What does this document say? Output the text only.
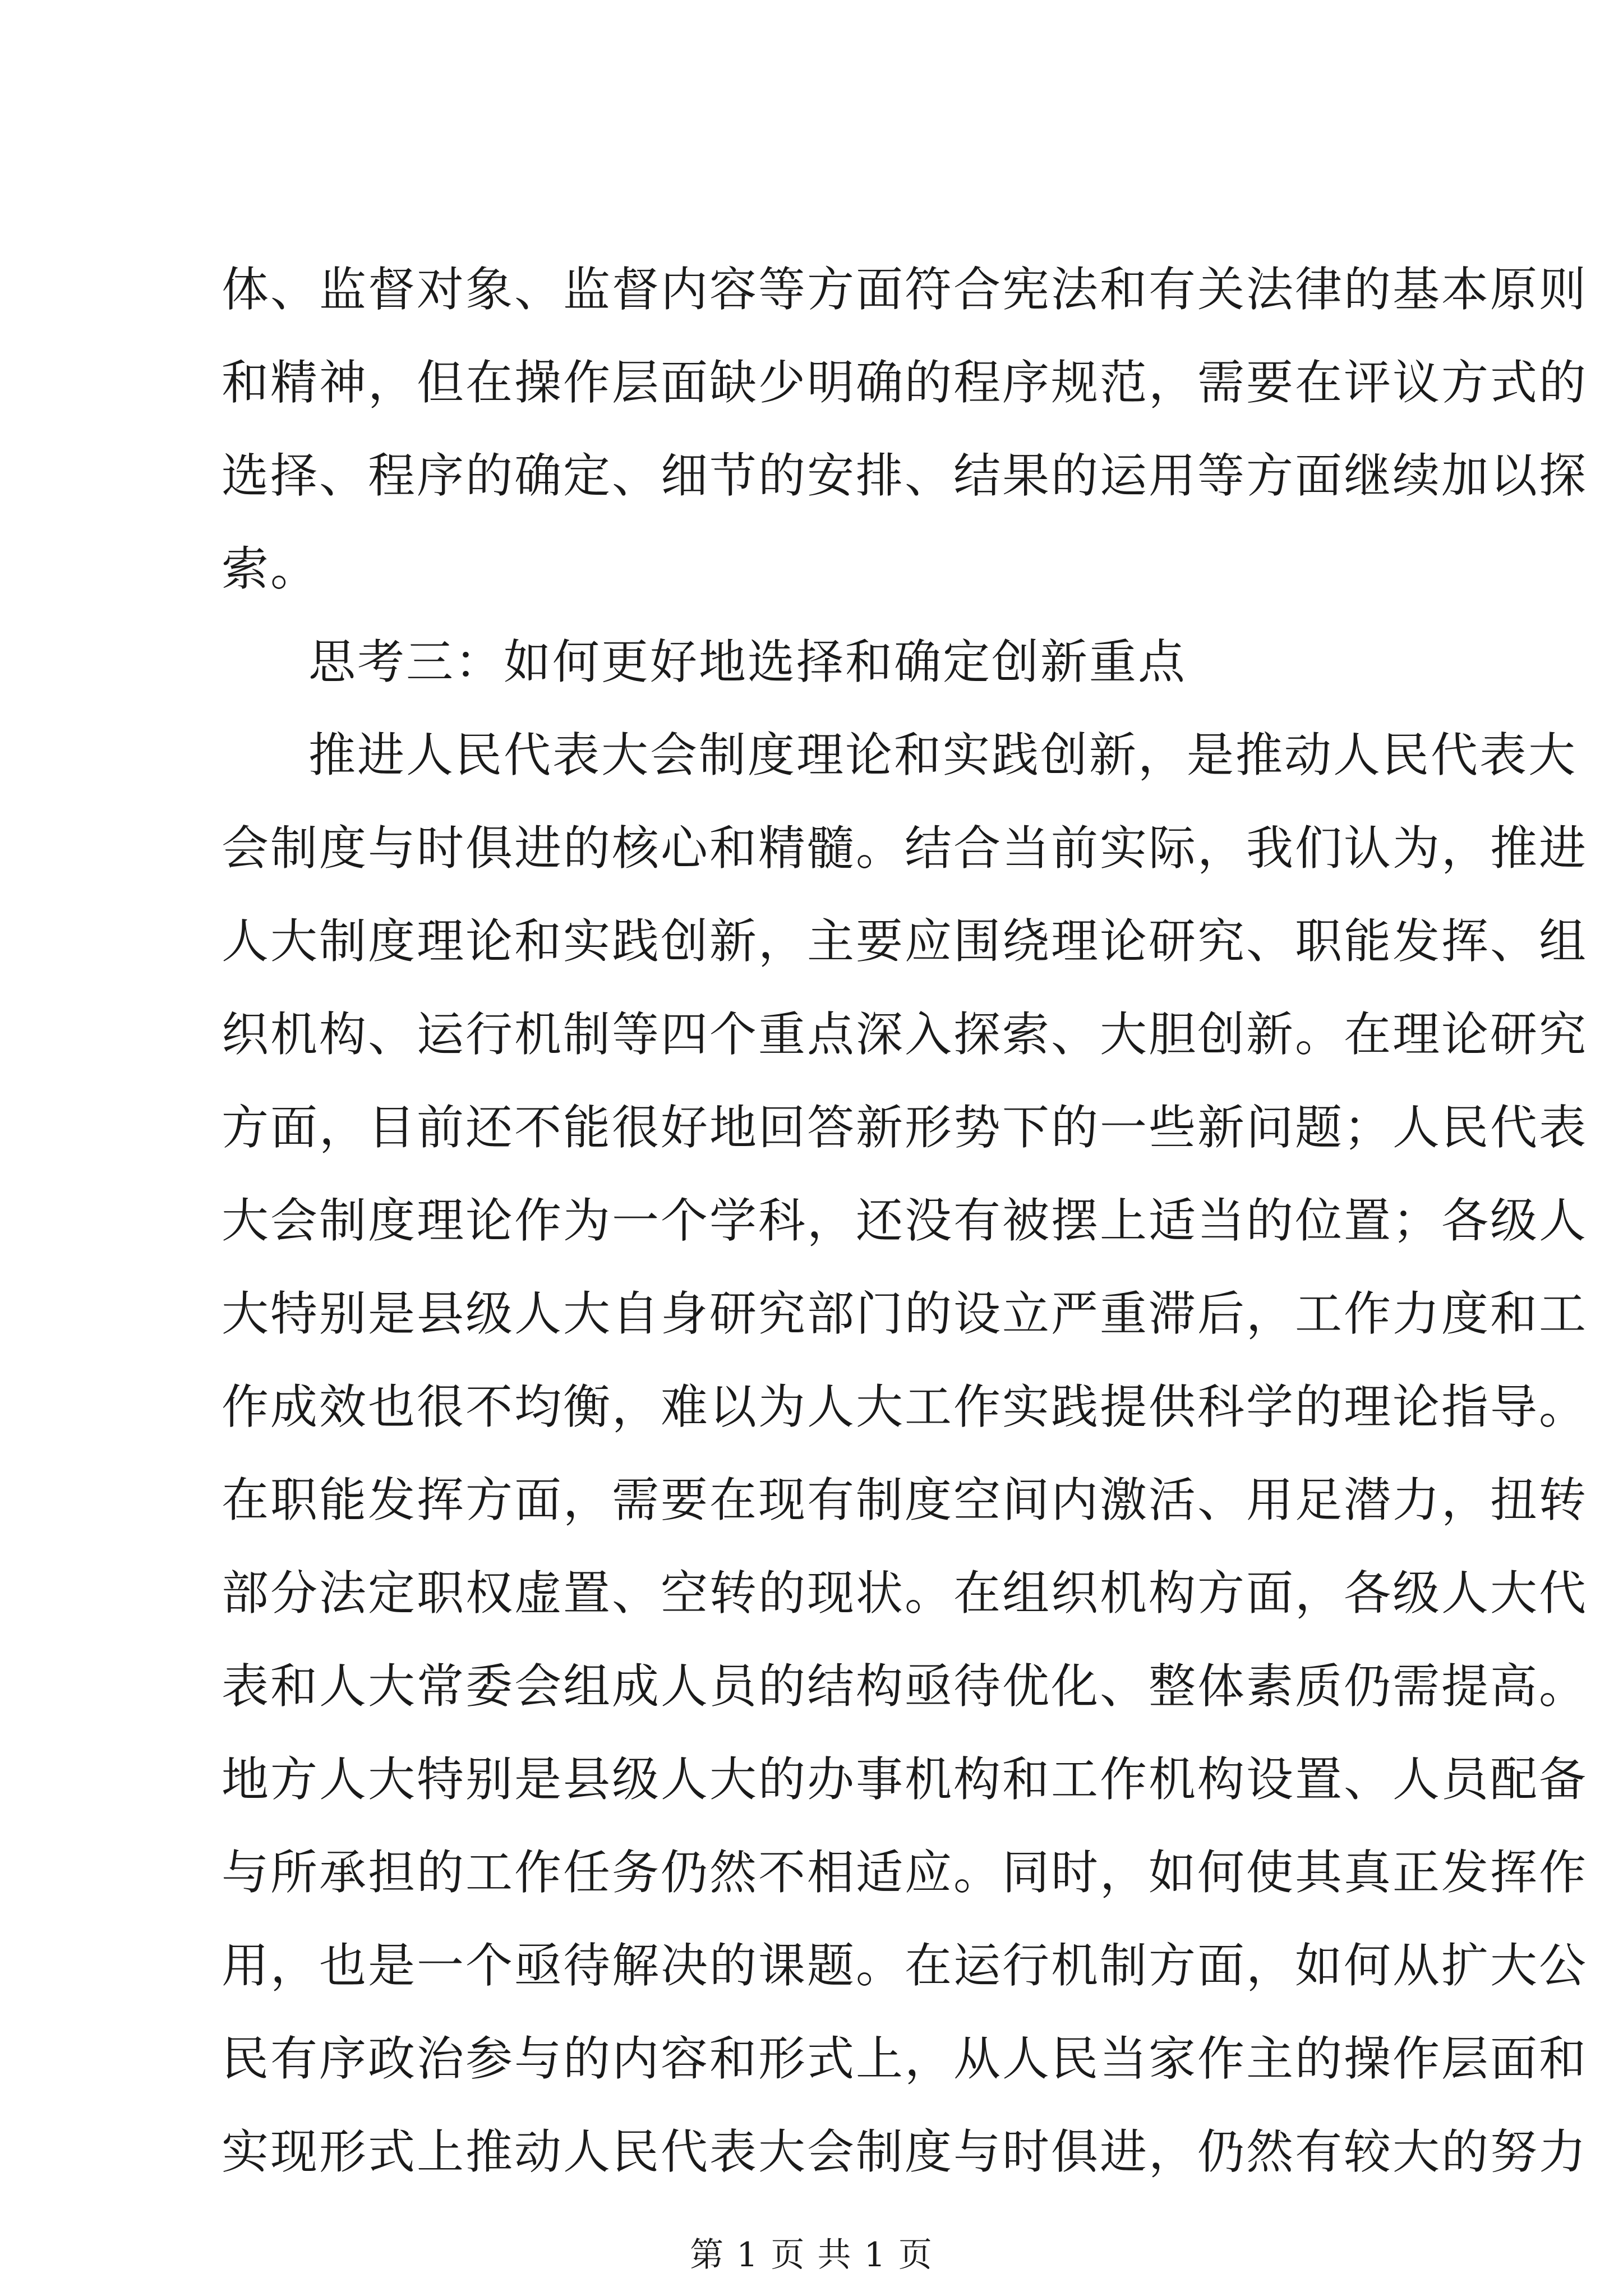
体、监督对象、监督内容等方面符合宪法和有关法律的基本原则
和精神，但在操作层面缺少明确的程序规范，需要在评议方式的
选择、程序的确定、细节的安排、结果的运用等方面继续加以探
索。
思考三：如何更好地选择和确定创新重点
推进人民代表大会制度理论和实践创新，是推动人民代表大
会制度与时俱进的核心和精髓。结合当前实际，我们认为，推进
人大制度理论和实践创新，主要应围绕理论研究、职能发挥、组
织机构、运行机制等四个重点深入探索、大胆创新。在理论研究
方面，目前还不能很好地回答新形势下的一些新问题；人民代表
大会制度理论作为一个学科，还没有被摆上适当的位置；各级人
大特别是县级人大自身研究部门的设立严重滞后，工作力度和工
作成效也很不均衡，难以为人大工作实践提供科学的理论指导。
在职能发挥方面，需要在现有制度空间内激活、用足潜力，扭转
部分法定职权虚置、空转的现状。在组织机构方面，各级人大代
表和人大常委会组成人员的结构亟待优化、整体素质仍需提高。
地方人大特别是县级人大的办事机构和工作机构设置、人员配备
与所承担的工作任务仍然不相适应。同时，如何使其真正发挥作
用，也是一个亟待解决的课题。在运行机制方面，如何从扩大公
民有序政治参与的内容和形式上，从人民当家作主的操作层面和
实现形式上推动人民代表大会制度与时俱进，仍然有较大的努力
第 1 页 共 1 页
